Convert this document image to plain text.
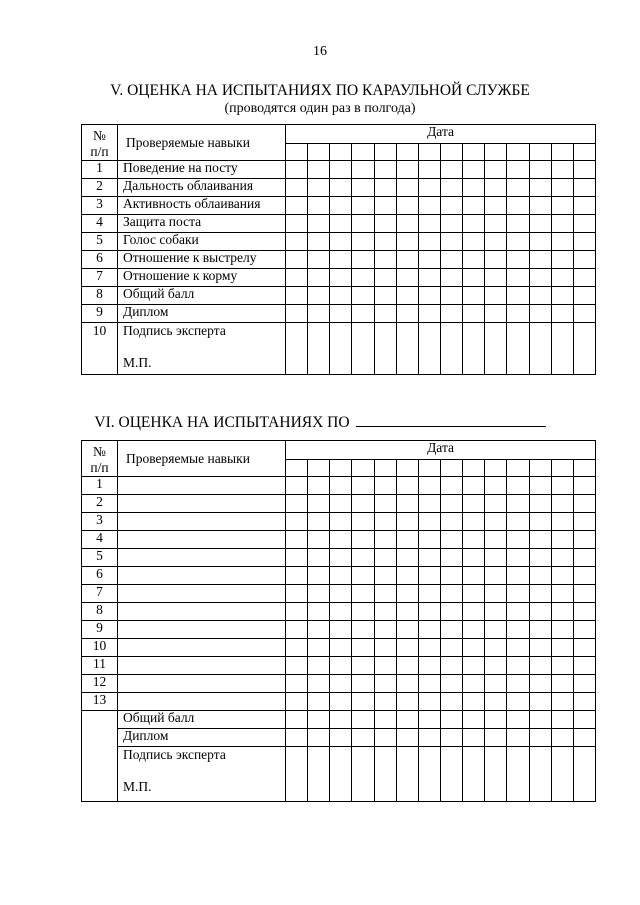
16
V. ОЦЕНКА НА ИСПЫТАНИЯХ ПО КАРАУЛЬНОЙ СЛУЖБЕ
(проводятся один раз в полгода)
№
п/п	Проверяемые навыки	Дата													

1	Поведение на посту														
2	Дальность облаивания														
3	Активность облаивания														
4	Защита поста														
5	Голос собаки														
6	Отношение к выстрелу														
7	Отношение к корму														
8	Общий балл														
9	Диплом														
10	Подпись эксперта
М.П.														

VI. ОЦЕНКА НА ИСПЫТАНИЯХ ПО
№
п/п	Проверяемые навыки	Дата													

1															
2															
3															
4															
5															
6															
7															
8															
9															
10															
11															
12															
13															
	Общий балл														
	Диплом														
	Подпись эксперта
М.П.														
